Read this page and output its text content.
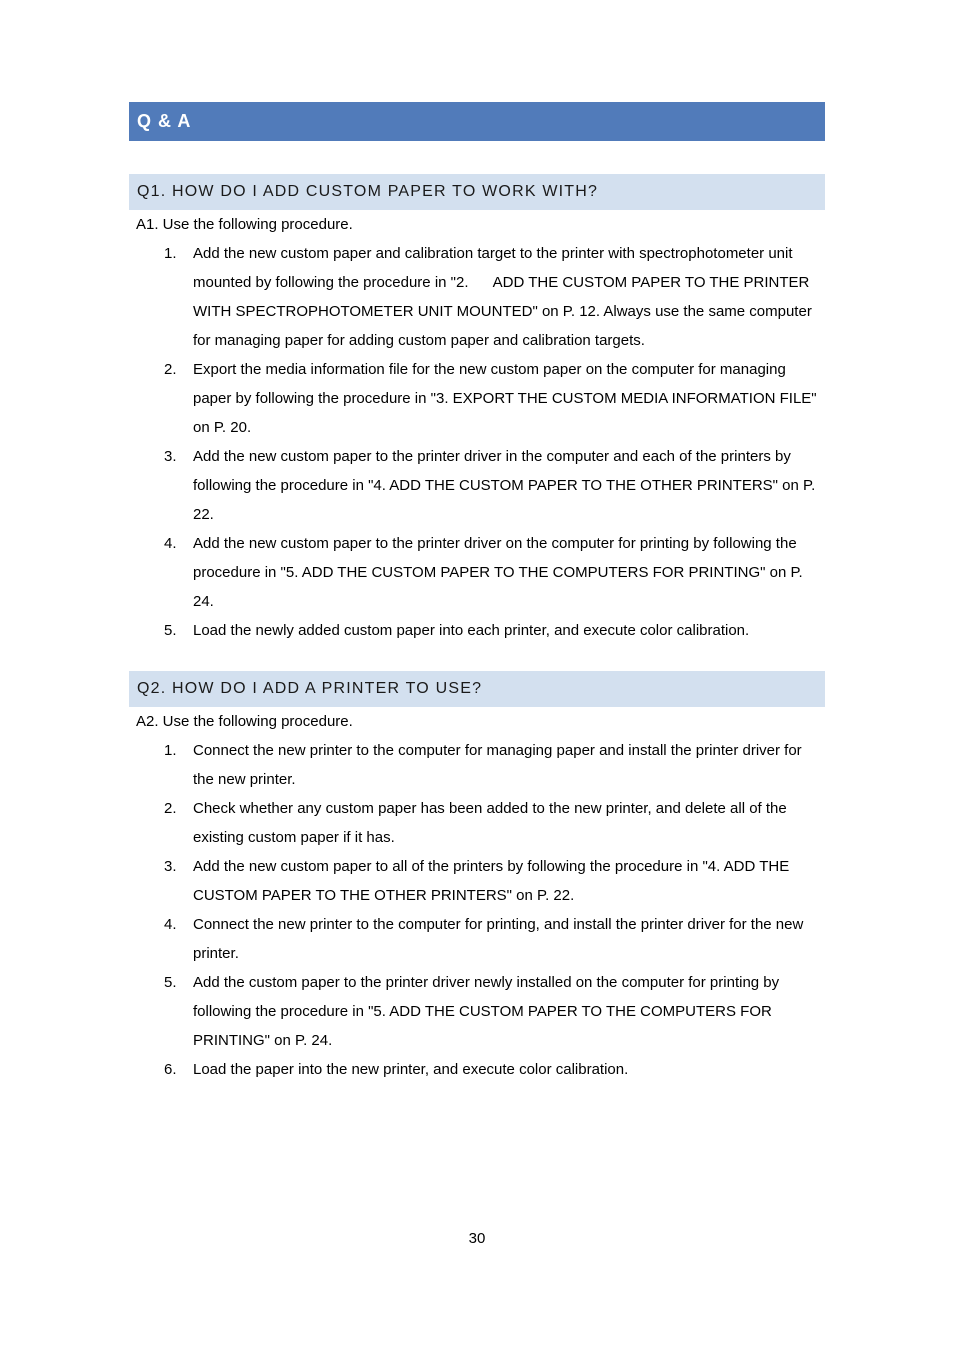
Q & A
Q1. HOW DO I ADD CUSTOM PAPER TO WORK WITH?

A1. Use the following procedure.

1. Add the new custom paper and calibration target to the printer with spectrophotometer unit mounted by following the procedure in "2.      ADD THE CUSTOM PAPER TO THE PRINTER WITH SPECTROPHOTOMETER UNIT MOUNTED" on P. 12. Always use the same computer for managing paper for adding custom paper and calibration targets.
2. Export the media information file for the new custom paper on the computer for managing paper by following the procedure in "3. EXPORT THE CUSTOM MEDIA INFORMATION FILE" on P. 20.
3. Add the new custom paper to the printer driver in the computer and each of the printers by following the procedure in "4. ADD THE CUSTOM PAPER TO THE OTHER PRINTERS" on P. 22.
4. Add the new custom paper to the printer driver on the computer for printing by following the procedure in "5. ADD THE CUSTOM PAPER TO THE COMPUTERS FOR PRINTING" on P. 24.
5. Load the newly added custom paper into each printer, and execute color calibration.
Q2. HOW DO I ADD A PRINTER TO USE?

A2. Use the following procedure.

1. Connect the new printer to the computer for managing paper and install the printer driver for the new printer.
2. Check whether any custom paper has been added to the new printer, and delete all of the existing custom paper if it has.
3. Add the new custom paper to all of the printers by following the procedure in "4. ADD THE CUSTOM PAPER TO THE OTHER PRINTERS" on P. 22.
4. Connect the new printer to the computer for printing, and install the printer driver for the new printer.
5. Add the custom paper to the printer driver newly installed on the computer for printing by following the procedure in "5. ADD THE CUSTOM PAPER TO THE COMPUTERS FOR PRINTING" on P. 24.
6. Load the paper into the new printer, and execute color calibration.
30
